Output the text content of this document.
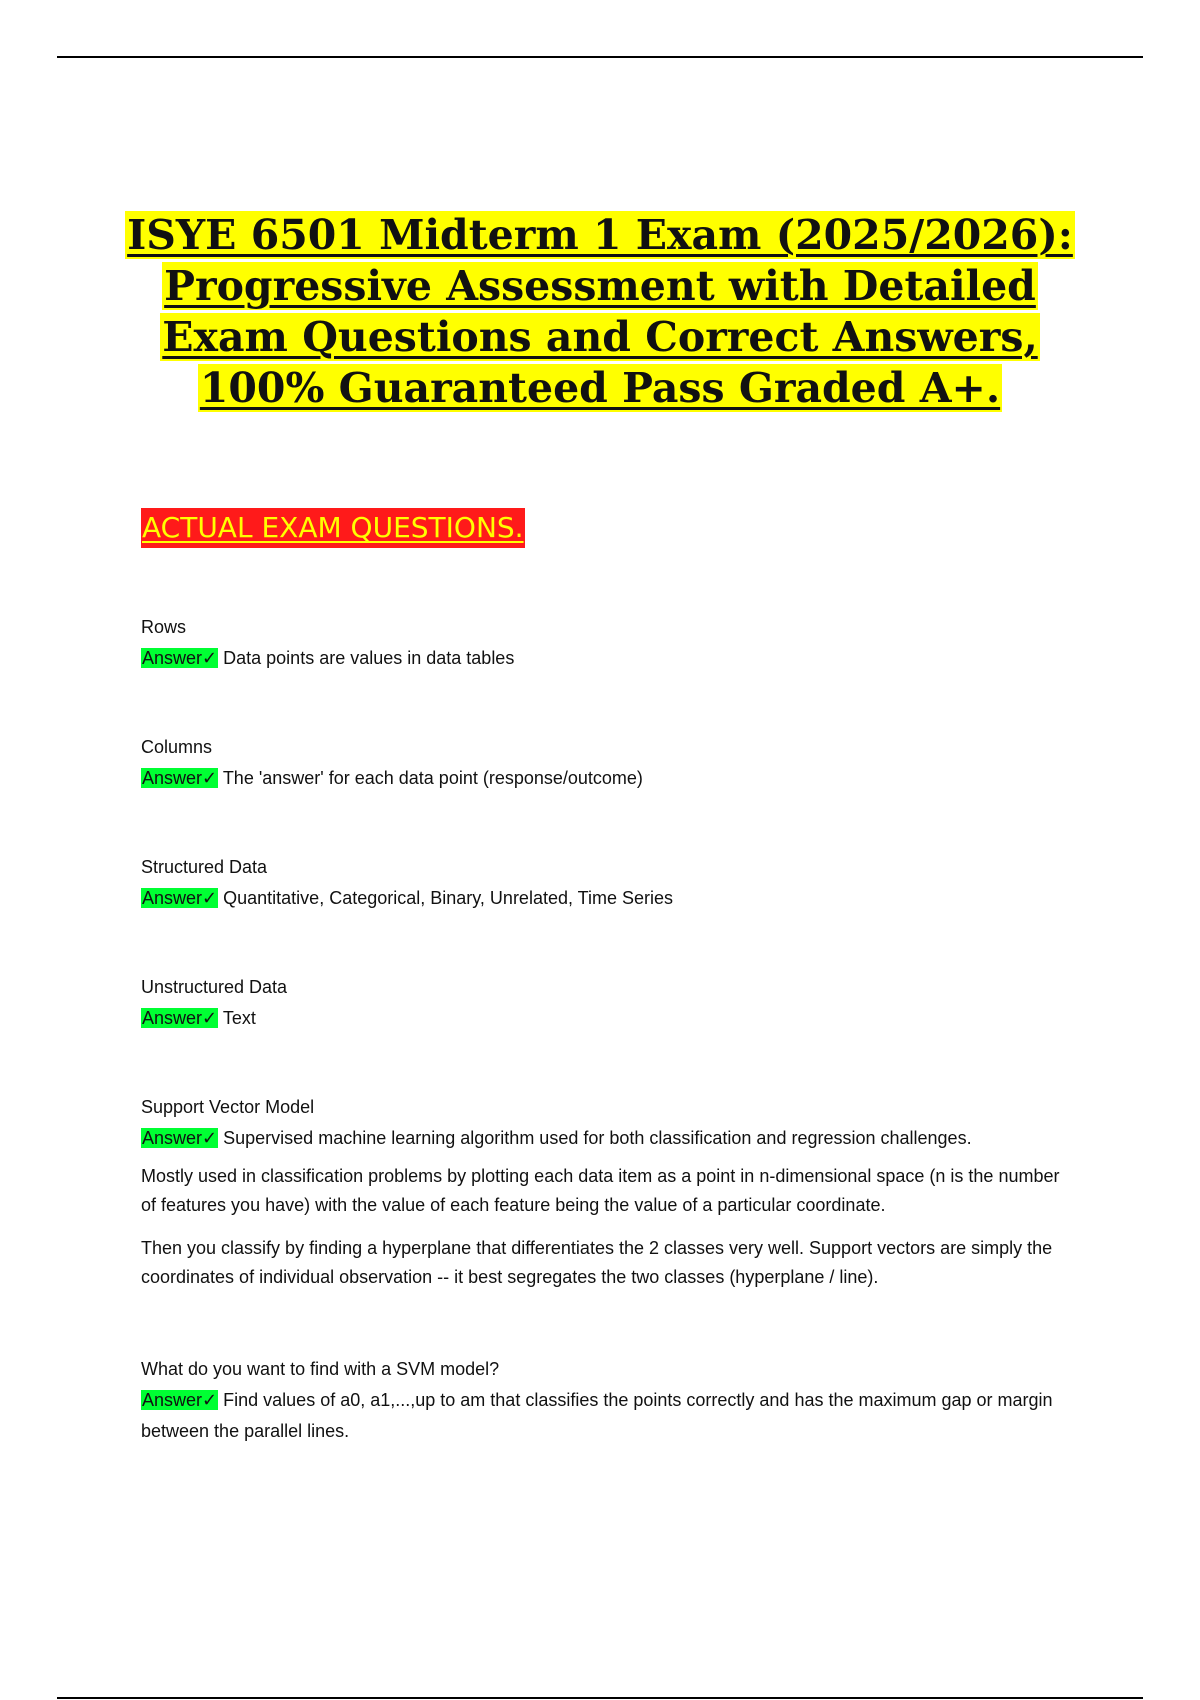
ISYE 6501 Midterm 1 Exam (2025/2026):
Progressive Assessment with Detailed
Exam Questions and Correct Answers,
100% Guaranteed Pass Graded A+.
ACTUAL EXAM QUESTIONS.
Rows
Answer✓ Data points are values in data tables
Columns
Answer✓ The 'answer' for each data point (response/outcome)
Structured Data
Answer✓ Quantitative, Categorical, Binary, Unrelated, Time Series
Unstructured Data
Answer✓ Text
Support Vector Model
Answer✓ Supervised machine learning algorithm used for both classification and regression challenges.

Mostly used in classification problems by plotting each data item as a point in n-dimensional space (n is the number of features you have) with the value of each feature being the value of a particular coordinate.

Then you classify by finding a hyperplane that differentiates the 2 classes very well. Support vectors are simply the coordinates of individual observation -- it best segregates the two classes (hyperplane / line).

What do you want to find with a SVM model?
Answer✓ Find values of a0, a1,...,up to am that classifies the points correctly and has the maximum gap or margin between the parallel lines.
